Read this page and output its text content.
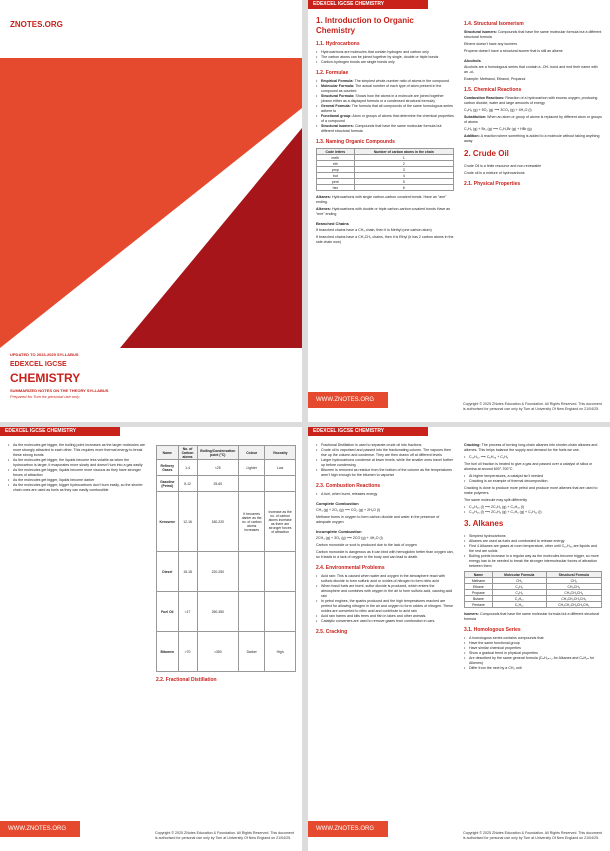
ZNOTES.ORG
UPDATED TO 2023-2025 SYLLABUS
EDEXCEL IGCSE
CHEMISTRY
SUMMARIZED NOTES ON THE THEORY SYLLABUS
Prepared for Tom for personal use only.
EDEXCEL IGCSE CHEMISTRY
1. Introduction to Organic Chemistry
1.1. Hydrocarbons
• Hydrocarbons are molecules that contain hydrogen and carbon only
• The carbon atoms can be joined together by single, double or triple bonds
• Carbon-hydrogen bonds are single bonds only
1.2. Formulae
• Empirical Formula: The simplest whole-number ratio of atoms in the compound
• Molecular Formula: The actual number of each type of atom present in the compound as counted
• Structural Formula: Shows how the atoms in a molecule are joined together (drawn either as a displayed formula or a condensed structural formula)
• General Formula: The formula that all compounds of the same homologous series adhere to
• Functional group: Atom or groups of atoms that determine the chemical properties of a compound
• Structural isomers: Compounds that have the same molecular formula but different structural formula
1.3. Naming Organic Compounds
Code letters	Number of carbon atoms in the chain
meth	1
eth	2
prop	3
but	4
pent	5
hex	6

Alkanes: Hydrocarbons with single carbon-carbon covalent bonds. Have an "ane" ending.

Alkenes: Hydrocarbons with double or triple carbon-carbon covalent bonds Have an "ene" ending

Branched Chains

If branched chains have a CH₃ chain, then it is Methyl (one carbon atom)

If branched chains have a CH₂CH₃ chains, then it is Ethyl (it has 2 carbon atoms in the side chain now)

1.4. Structural Isomerism

Structural isomers: Compounds that have the same molecular formula but a different structural formula

Ethene doesn't have any isomers

Propene doesn't have a structural isomer that is still an alkene

Alcohols

Alcohols are a homologous series that contain a -OH- bond and end their name with an -ol-

Example: Methanol, Ethanol, Propanol

1.5. Chemical Reactions

Combustion Reactions: Reaction of a hydrocarbon with excess oxygen, producing carbon dioxide, water and large amounts of energy

C₃H₈ (g) + 5O₂ (g) ⟶ 3CO₂ (g) + 4H₂O (l)

Substitution: When an atom or group of atoms is replaced by different atom or groups of atoms

C₂H₆ (g) + Br₂ (g) ⟶ C₂H₅Br (g) + HBr (g)

Addition: A reaction where something is added to a molecule without taking anything away

2. Crude Oil

Crude Oil is a finite resource and non-renewable

Crude oil is a mixture of hydrocarbons

2.1. Physical Properties
WWW.ZNOTES.ORG
Copyright © 2025 ZNotes Education & Foundation. All Rights Reserved. This document is authorised for personal use only by Tom at University Of New England on 21/04/25.
EDEXCEL IGCSE CHEMISTRY
• As the molecules get bigger, the boiling point increases as the larger molecules are more strongly attracted to each other. This requires more thermal energy to break these strong bonds
• As the molecules get bigger, the liquids become less volatile as when the hydrocarbon is larger, it evaporates more slowly and doesn't turn into a gas easily
• As the molecules get bigger, liquids become more viscous as they have stronger forces of attraction
• As the molecules get bigger, liquids become darker
• As the molecules get bigger, bigger hydrocarbons don't burn easily, so the shorter chain ones are used as fuels as they can easily combustible
Name	No. of Carbon atoms	Boiling/Condensation point (°C)	Colour	Viscosity
Refinery Gases	1-4	<25	Lighter	Low
Gasoline (Petrol)	5-12	25-60		
Kerosene	12-16	180-220	It becomes darker as the no. of carbon atoms increases	Increase as the no. of carbon atoms increase as there are stronger forces of attraction
Diesel	15-18	220-250		
Fuel Oil	>17	250-350		
Bitumen	>70	>350	Darker	High
2.2. Fractional Distillation
WWW.ZNOTES.ORG
Copyright © 2025 ZNotes Education & Foundation. All Rights Reserved. This document is authorised for personal use only by Tom at University Of New England on 21/04/25.
EDEXCEL IGCSE CHEMISTRY
• Fractional Distillation is used to separate crude oil into fractions
• Crude oil is vaporised and passed into the fractionating column. The vapours then rise up the column and condense. They are then drawn off at different levels
• Larger hydrocarbons condense at lower levels, while the smaller ones travel further up before condensing
• Bitumen is removed as residue from the bottom of the column as the temperatures aren't high enough for the bitumen to vaporise
2.3. Combustion Reactions
• A fuel, when burnt, releases energy
Complete Combustion

CH₄ (g) + 2O₂ (g) ⟶ CO₂ (g) + 2H₂O (l)

Methane burns in oxygen to form carbon dioxide and water in the presence of adequate oxygen

Incomplete Combustion

2CH₄ (g) + 3O₂ (g) ⟶ 2CO (g) + 4H₂O (l)

Carbon monoxide or soot is produced due to the lack of oxygen

Carbon monoxide is dangerous as it can bind with hemoglobin better than oxygen can, so it leads to a lack of oxygen in the body and can lead to death.

2.4. Environmental Problems
• Acid rain: This is caused when water and oxygen in the atmosphere react with sulfuric dioxide to form sulfuric acid or oxides of nitrogen to form nitric acid
• When fossil fuels are burnt, sulfur dioxide is produced, which enters the atmosphere and combines with oxygen in the air to form sulfuric acid, causing acid rain
• In petrol engines, the sparks produced and the high temperatures reached are perfect for allowing nitrogen in the air and oxygen to form oxides of nitrogen. These oxides are converted to nitric acid and contribute to acid rain
• Acid rain harms and kills trees and fish in lakes and other animals.
• Catalytic converters are used to remove gases from combustion in cars.
2.5. Cracking

Cracking: The process of turning long-chain alkanes into shorter-chain alkanes and alkenes. This helps balance the supply and demand for the fuels we use.

• C₁₀H₂₂ ⟶ C₈H₁₈ + C₂H₄

The fuel oil fraction is heated to give a gas and passed over a catalyst of silica or alumina at around 600°-700°C

• At higher temperatures, a catalyst isn't needed
• Cracking is an example of thermal decomposition

Cracking is done to produce more petrol and produce more alkenes that are used to make polymers.

The same molecule may split differently

• C₁₂H₂₆ (l) ⟶ 2C₂H₄ (g) + C₈H₁₈ (l)
• C₁₂H₂₆ (l) ⟶ 2C₂H₄ (g) + C₃H₆ (g) + C₅H₁₂ (l)
3. Alkanes
• Simplest hydrocarbons
• Alkanes are used as fuels and combusted to release energy
• First 4 Alkanes are gases at room temperature, other until C₁₆H₃₄ are liquids and the rest are solids
• Boiling points increase in a regular way as the molecules become bigger, so more energy has to be needed to break the stronger intermolecular forces of attraction between them
Name	Molecular Formula	Structural Formula
Methane	CH₄	CH₄
Ethane	C₂H₆	CH₃CH₃
Propane	C₃H₈	CH₃CH₂CH₃
Butane	C₄H₁₀	CH₃CH₂CH₂CH₃
Pentane	C₅H₁₂	CH₃CH₂CH₂CH₂CH₃

Isomers: Compounds that have the same molecular formula but a different structural formula

3.1. Homologous Series
• A homologous series contains compounds that:
• Have the same functional group
• Have similar chemical properties
• Show a gradual trend in physical properties
• Are described by the same general formula (CₙH₂ₙ₊₂ for Alkanes and CₙH₂ₙ for Alkenes)
• Differ from the next by a CH₂ unit
WWW.ZNOTES.ORG
Copyright © 2025 ZNotes Education & Foundation. All Rights Reserved. This document is authorised for personal use only by Tom at University Of New England on 21/04/25.
